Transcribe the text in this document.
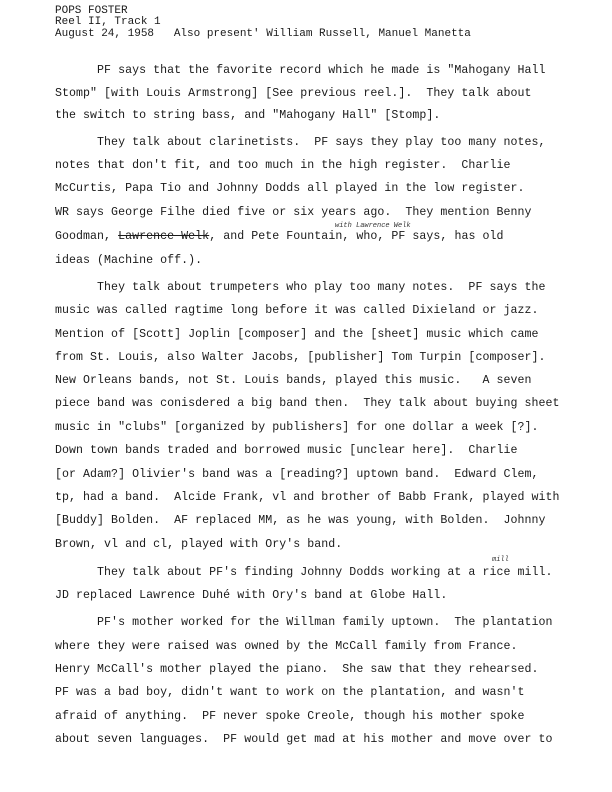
POPS FOSTER
Reel II, Track 1
August 24, 1958   Also present' William Russell, Manuel Manetta
PF says that the favorite record which he made is "Mahogany Hall
Stomp" [with Louis Armstrong] [See previous reel.].  They talk about
the switch to string bass, and "Mahogany Hall" [Stomp].
They talk about clarinetists.  PF says they play too many notes,
notes that don't fit, and too much in the high register.  Charlie
McCurtis, Papa Tio and Johnny Dodds all played in the low register.
WR says George Filhe died five or six years ago.  They mention Benny
with Lawrence Welk
Goodman, Lawrence Welk, and Pete Fountain, who, PF says, has old
ideas (Machine off.).
They talk about trumpeters who play too many notes.  PF says the
music was called ragtime long before it was called Dixieland or jazz.
Mention of [Scott] Joplin [composer] and the [sheet] music which came
from St. Louis, also Walter Jacobs, [publisher] Tom Turpin [composer].
New Orleans bands, not St. Louis bands, played this music.   A seven
piece band was conisdered a big band then.  They talk about buying sheet
music in "clubs" [organized by publishers] for one dollar a week [?].
Down town bands traded and borrowed music [unclear here].  Charlie
[or Adam?] Olivier's band was a [reading?] uptown band.  Edward Clem,
tp, had a band.  Alcide Frank, vl and brother of Babb Frank, played with
[Buddy] Bolden.  AF replaced MM, as he was young, with Bolden.  Johnny
Brown, vl and cl, played with Ory's band.
mill
They talk about PF's finding Johnny Dodds working at a rice mill.
JD replaced Lawrence Duhé with Ory's band at Globe Hall.
PF's mother worked for the Willman family uptown.  The plantation
where they were raised was owned by the McCall family from France.
Henry McCall's mother played the piano.  She saw that they rehearsed.
PF was a bad boy, didn't want to work on the plantation, and wasn't
afraid of anything.  PF never spoke Creole, though his mother spoke
about seven languages.  PF would get mad at his mother and move over to
